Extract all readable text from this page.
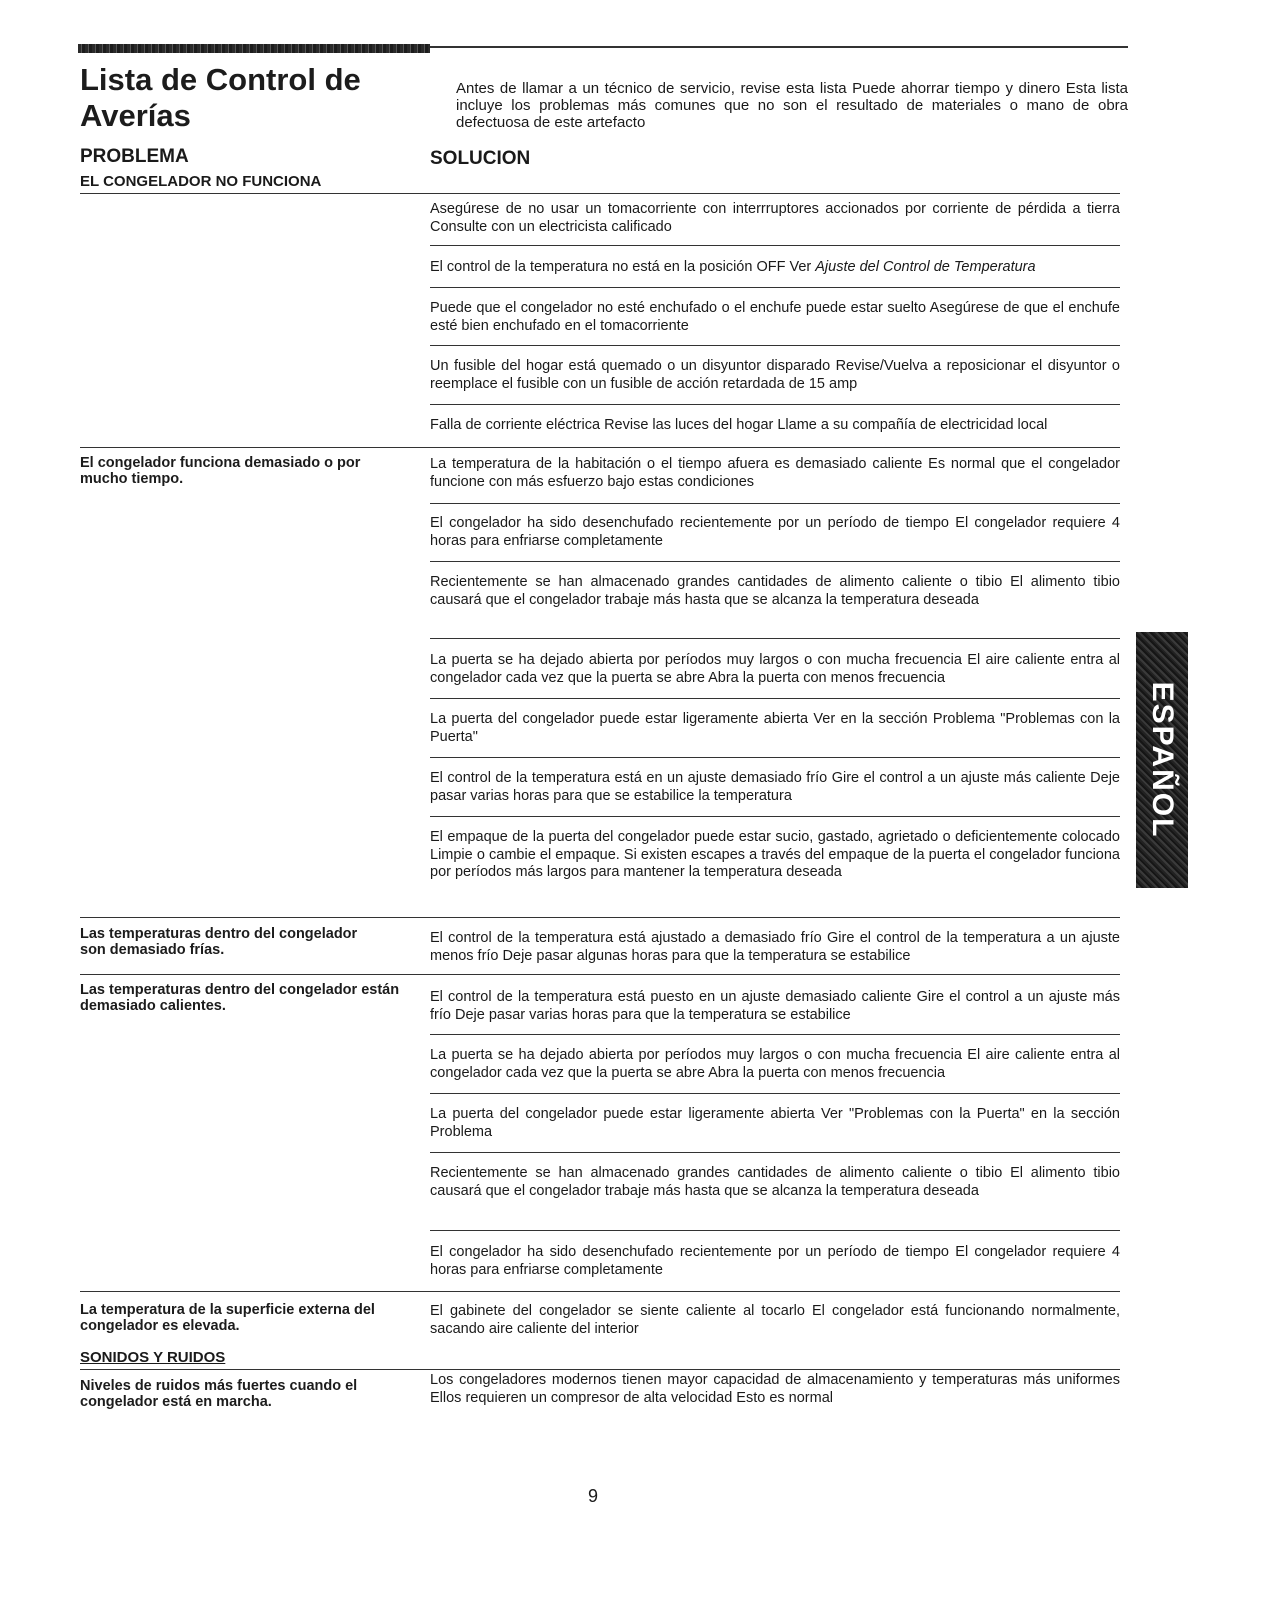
Lista de Control de Averías

Antes de llamar a un técnico de servicio, revise esta lista Puede ahorrar tiempo y dinero Esta lista incluye los problemas más comunes que no son el resultado de materiales o mano de obra defectuosa de este artefacto

PROBLEMA	SOLUCION

EL CONGELADOR NO FUNCIONA

Asegúrese de no usar un tomacorriente con interrruptores accionados por corriente de pérdida a tierra Consulte con un electricista calificado

El control de la temperatura no está en la posición OFF Ver Ajuste del Control de Temperatura

Puede que el congelador no esté enchufado o el enchufe puede estar suelto Asegúrese de que el enchufe esté bien enchufado en el tomacorriente

Un fusible del hogar está quemado o un disyuntor disparado Revise/Vuelva a reposicionar el disyuntor o reemplace el fusible con un fusible de acción retardada de 15 amp

Falla de corriente eléctrica Revise las luces del hogar Llame a su compañía de electricidad local

El congelador funciona demasiado o por mucho tiempo.

La temperatura de la habitación o el tiempo afuera es demasiado caliente Es normal que el congelador funcione con más esfuerzo bajo estas condiciones

El congelador ha sido desenchufado recientemente por un período de tiempo El congelador requiere 4 horas para enfriarse completamente

Recientemente se han almacenado grandes cantidades de alimento caliente o tibio El alimento tibio causará que el congelador trabaje más hasta que se alcanza la temperatura deseada

La puerta se ha dejado abierta por períodos muy largos o con mucha frecuencia El aire caliente entra al congelador cada vez que la puerta se abre Abra la puerta con menos frecuencia

La puerta del congelador puede estar ligeramente abierta Ver en la sección Problema "Problemas con la Puerta"

El control de la temperatura está en un ajuste demasiado frío Gire el control a un ajuste más caliente Deje pasar varias horas para que se estabilice la temperatura

El empaque de la puerta del congelador puede estar sucio, gastado, agrietado o deficientemente colocado Limpie o cambie el empaque. Si existen escapes a través del empaque de la puerta el congelador funciona por períodos más largos para mantener la temperatura deseada

Las temperaturas dentro del congelador son demasiado frías.

El control de la temperatura está ajustado a demasiado frío Gire el control de la temperatura a un ajuste menos frío Deje pasar algunas horas para que la temperatura se estabilice

Las temperaturas dentro del congelador están demasiado calientes.

El control de la temperatura está puesto en un ajuste demasiado caliente Gire el control a un ajuste más frío Deje pasar varias horas para que la temperatura se estabilice

La puerta se ha dejado abierta por períodos muy largos o con mucha frecuencia El aire caliente entra al congelador cada vez que la puerta se abre Abra la puerta con menos frecuencia

La puerta del congelador puede estar ligeramente abierta Ver "Problemas con la Puerta" en la sección Problema

Recientemente se han almacenado grandes cantidades de alimento caliente o tibio El alimento tibio causará que el congelador trabaje más hasta que se alcanza la temperatura deseada

El congelador ha sido desenchufado recientemente por un período de tiempo El congelador requiere 4 horas para enfriarse completamente

La temperatura de la superficie externa del congelador es elevada.

El gabinete del congelador se siente caliente al tocarlo El congelador está funcionando normalmente, sacando aire caliente del interior

SONIDOS Y RUIDOS

Niveles de ruidos más fuertes cuando el congelador está en marcha.

Los congeladores modernos tienen mayor capacidad de almacenamiento y temperaturas más uniformes Ellos requieren un compresor de alta velocidad Esto es normal

ESPAÑOL

9
